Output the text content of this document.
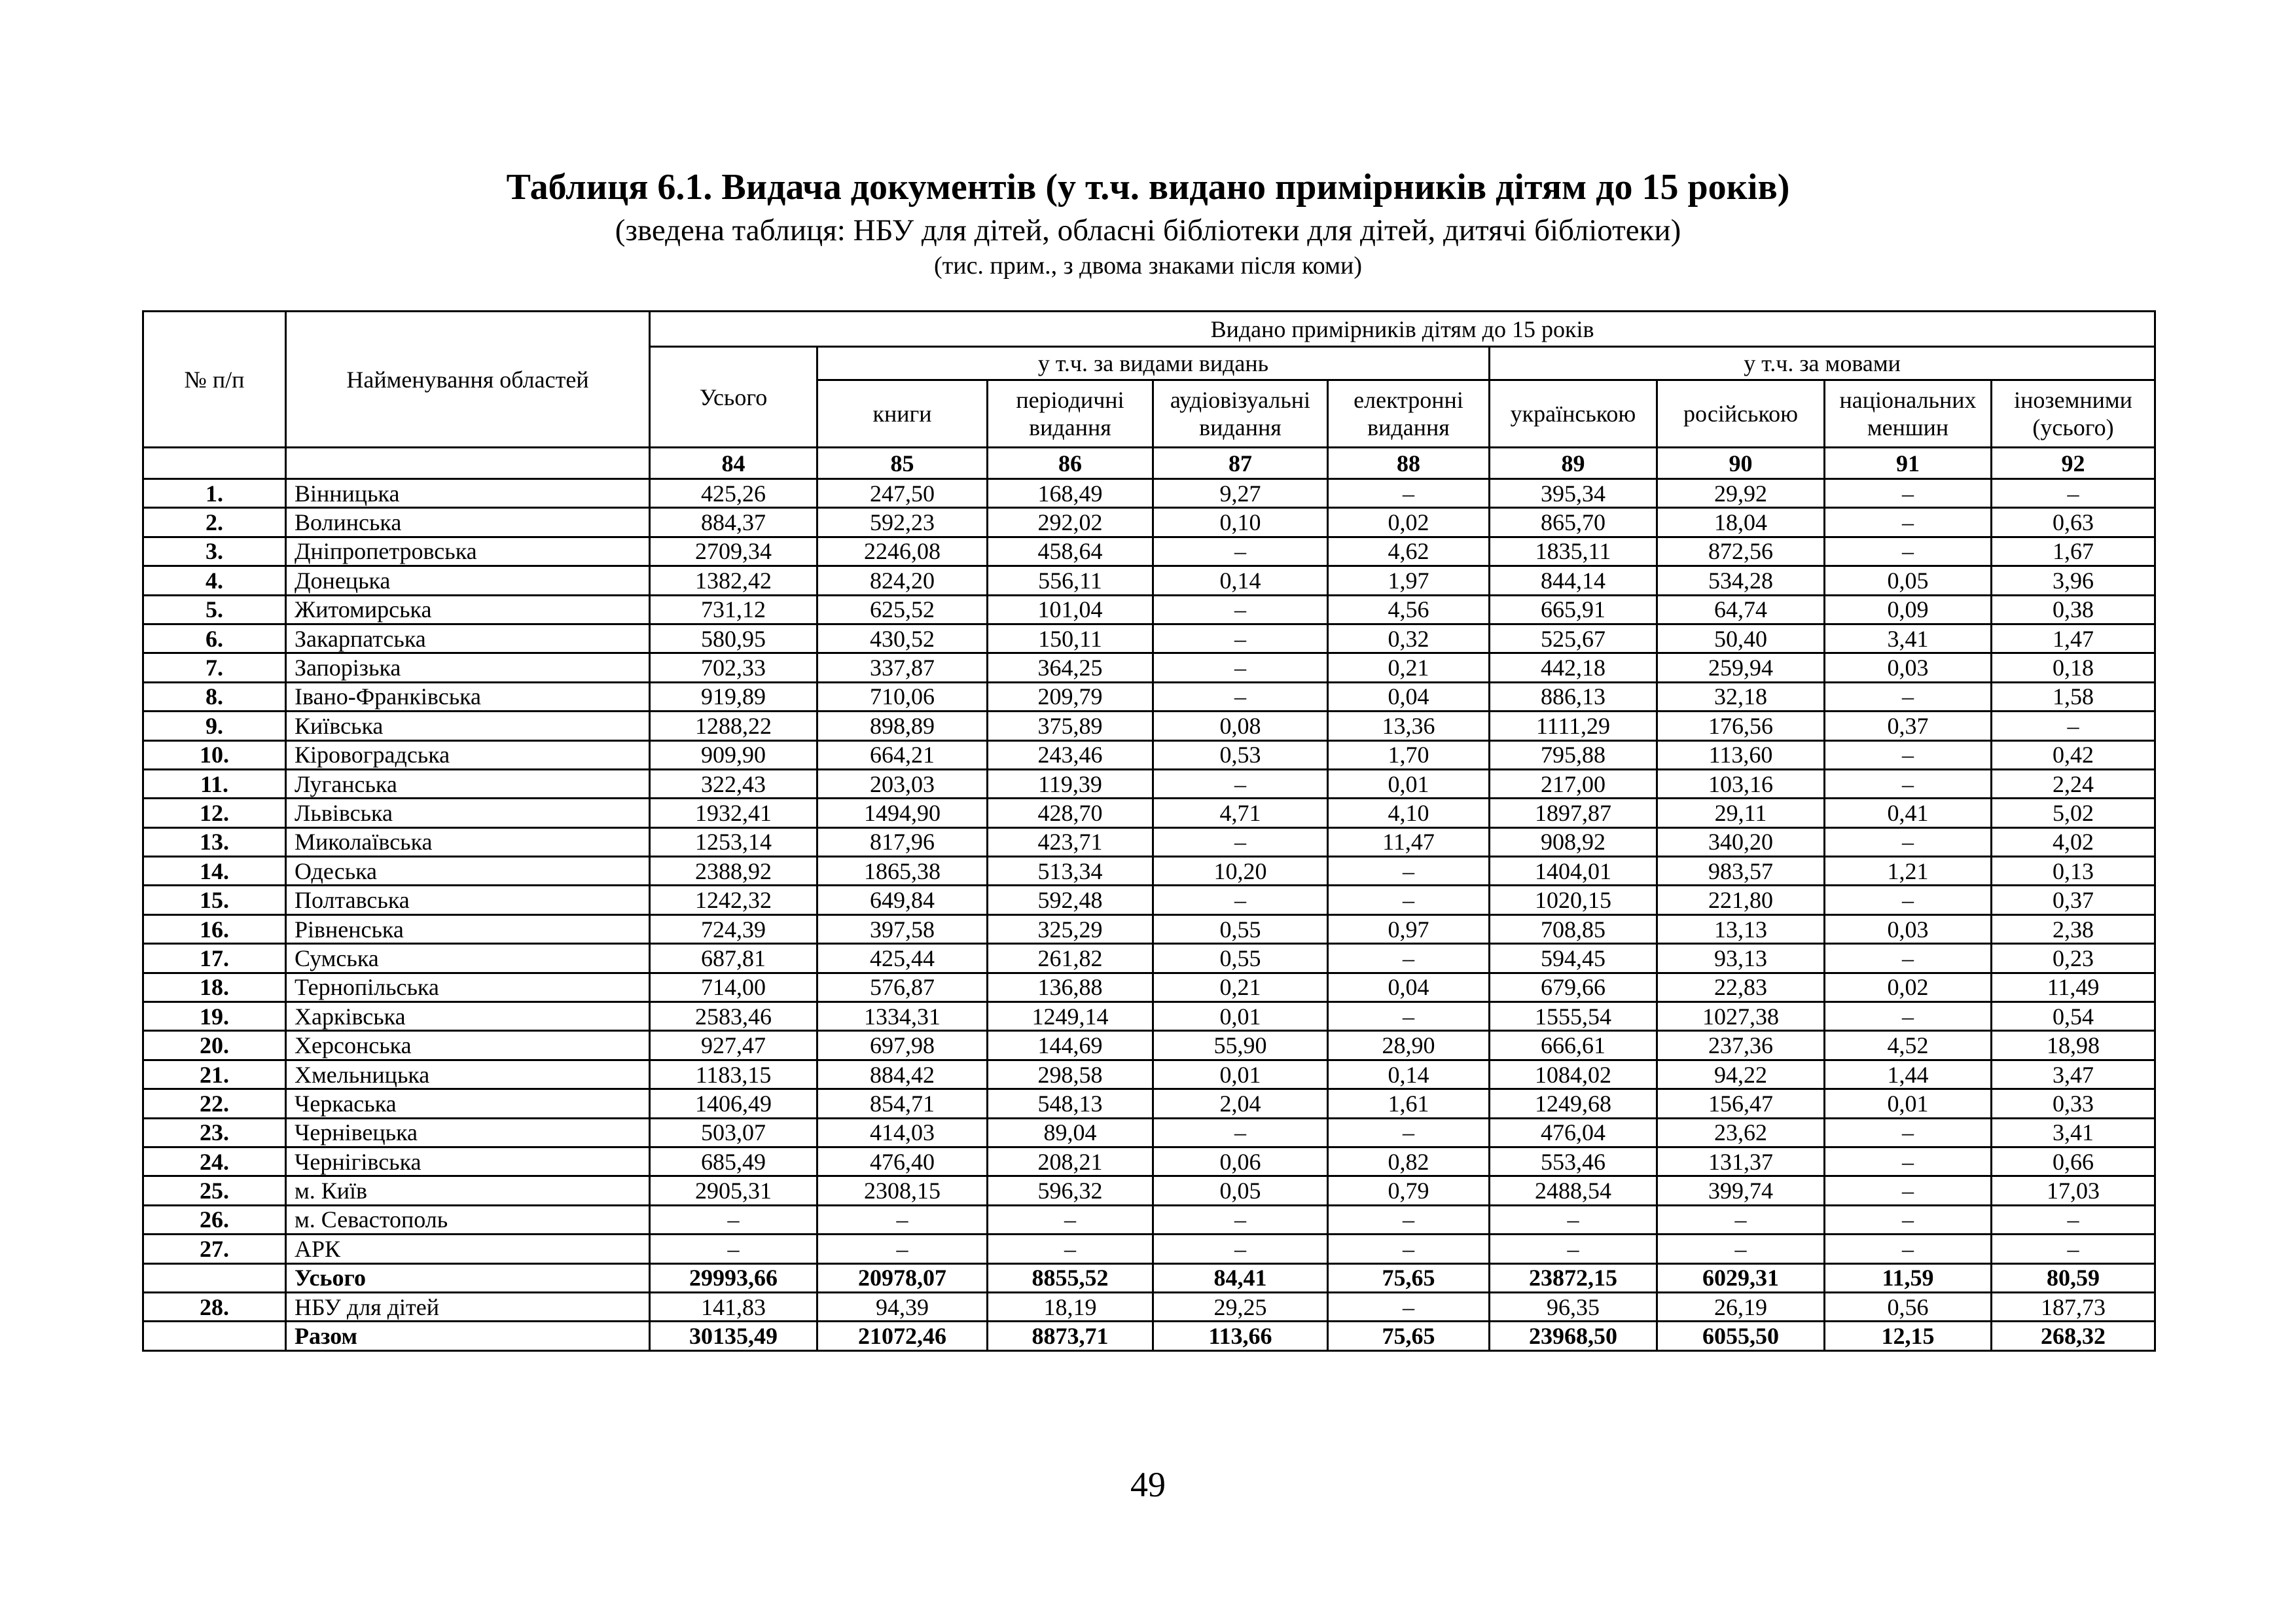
Таблиця 6.1. Видача документів (у т.ч. видано примірників дітям до 15 років)
(зведена таблиця: НБУ для дітей, обласні бібліотеки для дітей, дитячі бібліотеки)
(тис. прим., з двома знаками після коми)
№ п/п	Найменування областей	Видано примірників дітям до 15 років								
		Усього	у т.ч. за видами видань				у т.ч. за мовами			
			книги	періодичні видання	аудіовізуальні видання	електронні видання	українською	російською	національних меншин	іноземними (усього)
		84	85	86	87	88	89	90	91	92
1.	Вінницька	425,26	247,50	168,49	9,27	–	395,34	29,92	–	–
2.	Волинська	884,37	592,23	292,02	0,10	0,02	865,70	18,04	–	0,63
3.	Дніпропетровська	2709,34	2246,08	458,64	–	4,62	1835,11	872,56	–	1,67
4.	Донецька	1382,42	824,20	556,11	0,14	1,97	844,14	534,28	0,05	3,96
5.	Житомирська	731,12	625,52	101,04	–	4,56	665,91	64,74	0,09	0,38
6.	Закарпатська	580,95	430,52	150,11	–	0,32	525,67	50,40	3,41	1,47
7.	Запорізька	702,33	337,87	364,25	–	0,21	442,18	259,94	0,03	0,18
8.	Івано-Франківська	919,89	710,06	209,79	–	0,04	886,13	32,18	–	1,58
9.	Київська	1288,22	898,89	375,89	0,08	13,36	1111,29	176,56	0,37	–
10.	Кіровоградська	909,90	664,21	243,46	0,53	1,70	795,88	113,60	–	0,42
11.	Луганська	322,43	203,03	119,39	–	0,01	217,00	103,16	–	2,24
12.	Львівська	1932,41	1494,90	428,70	4,71	4,10	1897,87	29,11	0,41	5,02
13.	Миколаївська	1253,14	817,96	423,71	–	11,47	908,92	340,20	–	4,02
14.	Одеська	2388,92	1865,38	513,34	10,20	–	1404,01	983,57	1,21	0,13
15.	Полтавська	1242,32	649,84	592,48	–	–	1020,15	221,80	–	0,37
16.	Рівненська	724,39	397,58	325,29	0,55	0,97	708,85	13,13	0,03	2,38
17.	Сумська	687,81	425,44	261,82	0,55	–	594,45	93,13	–	0,23
18.	Тернопільська	714,00	576,87	136,88	0,21	0,04	679,66	22,83	0,02	11,49
19.	Харківська	2583,46	1334,31	1249,14	0,01	–	1555,54	1027,38	–	0,54
20.	Херсонська	927,47	697,98	144,69	55,90	28,90	666,61	237,36	4,52	18,98
21.	Хмельницька	1183,15	884,42	298,58	0,01	0,14	1084,02	94,22	1,44	3,47
22.	Черкаська	1406,49	854,71	548,13	2,04	1,61	1249,68	156,47	0,01	0,33
23.	Чернівецька	503,07	414,03	89,04	–	–	476,04	23,62	–	3,41
24.	Чернігівська	685,49	476,40	208,21	0,06	0,82	553,46	131,37	–	0,66
25.	м. Київ	2905,31	2308,15	596,32	0,05	0,79	2488,54	399,74	–	17,03
26.	м. Севастополь	–	–	–	–	–	–	–	–	–
27.	АРК	–	–	–	–	–	–	–	–	–
	Усього	29993,66	20978,07	8855,52	84,41	75,65	23872,15	6029,31	11,59	80,59
28.	НБУ для дітей	141,83	94,39	18,19	29,25	–	96,35	26,19	0,56	187,73
	Разом	30135,49	21072,46	8873,71	113,66	75,65	23968,50	6055,50	12,15	268,32
49
